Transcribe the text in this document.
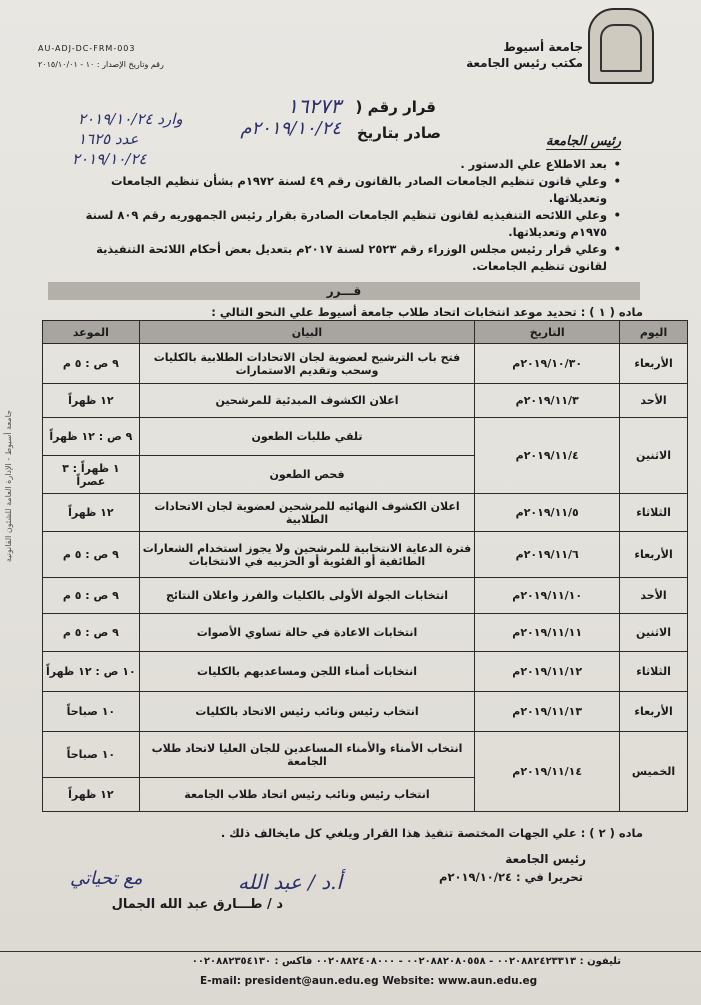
جامعة أسيوط
مكتب رئيس الجامعة
AU-ADJ-DC-FRM-003
رقم وتاريخ الإصدار : ١٠ - ٢٠١٥/١٠/٠١
قرار رقم (
١٦٢٧٣
صادر بتاريخ
٢٠١٩/١٠/٢٤م
وارد ٢٠١٩/١٠/٢٤
عدد ١٦٢٥
٢٠١٩/١٠/٢٤
رئيس الجامعة
• بعد الاطلاع علي الدستور .
• وعلي قانون تنظيم الجامعات الصادر بالقانون رقم ٤٩ لسنة ١٩٧٢م بشأن تنظيم الجامعات وتعديلاتها.
• وعلي اللائحه التنفيذيه لقانون تنظيم الجامعات الصادرة بقرار رئيس الجمهوريه رقم ٨٠٩ لسنة ١٩٧٥م وتعديلاتها.
• وعلي قرار رئيس مجلس الوزراء رقم ٢٥٢٣ لسنة ٢٠١٧م بتعديل بعض أحكام اللائحة التنفيذية لقانون تنظيم الجامعات.
قـــرر
ماده ( ١ ) : تحديد موعد انتخابات اتحاد طلاب جامعة أسيوط علي النحو التالي :
اليوم	التاريخ	البيان	الموعد
الأربعاء	٢٠١٩/١٠/٣٠م	فتح باب الترشيح لعضوية لجان الاتحادات الطلابية بالكليات وسحب وتقديم الاستمارات	٩ ص : ٥ م
الأحد	٢٠١٩/١١/٣م	اعلان الكشوف المبدئية للمرشحين	١٢ ظهراً
الاثنين	٢٠١٩/١١/٤م	تلقي طلبات الطعون	٩ ص : ١٢ ظهراً
		فحص الطعون	١ ظهراً : ٣ عصراً
الثلاثاء	٢٠١٩/١١/٥م	اعلان الكشوف النهائيه للمرشحين لعضوية لجان الاتحادات الطلابية	١٢ ظهراً
الأربعاء	٢٠١٩/١١/٦م	فترة الدعاية الانتخابية للمرشحين ولا يجوز استخدام الشعارات الطائفية أو الفئوية أو الحزبيه في الانتخابات	٩ ص : ٥ م
الأحد	٢٠١٩/١١/١٠م	انتخابات الجولة الأولى بالكليات والفرز واعلان النتائج	٩ ص : ٥ م
الاثنين	٢٠١٩/١١/١١م	انتخابات الاعادة في حالة تساوي الأصوات	٩ ص : ٥ م
الثلاثاء	٢٠١٩/١١/١٢م	انتخابات أمناء اللجن ومساعديهم بالكليات	١٠ ص : ١٢ ظهراً
الأربعاء	٢٠١٩/١١/١٣م	انتخاب رئيس ونائب رئيس الاتحاد بالكليات	١٠ صباحاً
الخميس	٢٠١٩/١١/١٤م	انتخاب الأمناء والأمناء المساعدين للجان العليا لاتحاد طلاب الجامعة	١٠ صباحاً
		انتخاب رئيس ونائب رئيس اتحاد طلاب الجامعة	١٢ ظهراً
ماده ( ٢ ) : علي الجهات المختصة تنفيذ هذا القرار ويلغي كل مايخالف ذلك .
رئيس الجامعة
تحريرا في : ٢٠١٩/١٠/٢٤م
مع تحياتي	أ.د / عبد الله
د / طـــارق عبد الله الجمال
تليفون : ٠٠٢٠٨٨٢٤٢٣٣١٣ - ٠٠٢٠٨٨٢٠٨٠٥٥٨ - ٠٠٢٠٨٨٢٤٠٨٠٠٠ فاكس : ٠٠٢٠٨٨٢٣٥٤١٣٠
E-mail: president@aun.edu.eg Website: www.aun.edu.eg
جامعة أسيوط - الإدارة العامة للشئون القانونية
